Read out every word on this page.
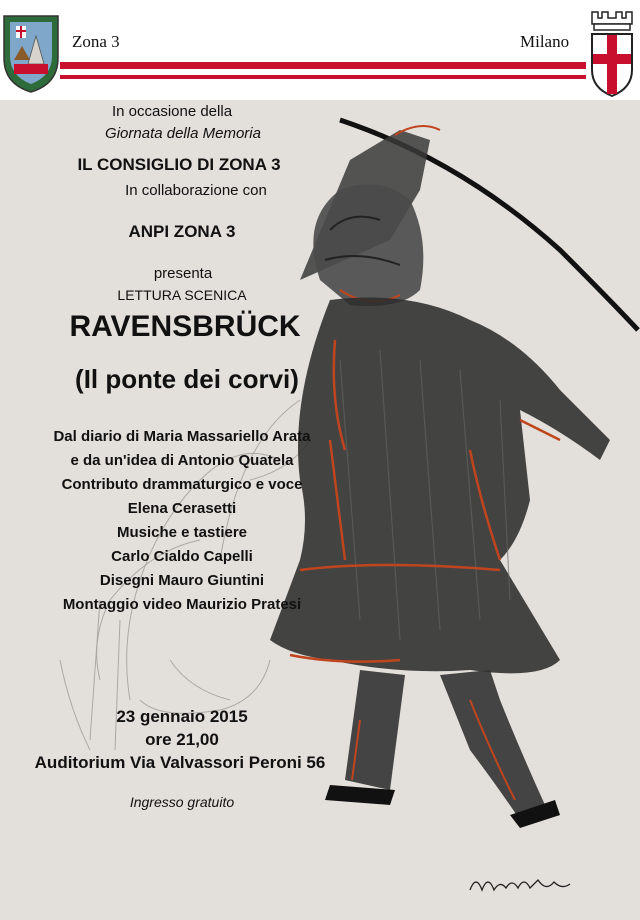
Zona 3	Milano
In occasione della
Giornata della Memoria
IL CONSIGLIO DI ZONA 3
In collaborazione con
ANPI ZONA 3
presenta
LETTURA SCENICA
RAVENSBRÜCK
(Il ponte dei corvi)
Dal diario di Maria Massariello Arata
e da un'idea di Antonio Quatela
Contributo drammaturgico e voce
Elena Cerasetti
Musiche e tastiere
Carlo Cialdo Capelli
Disegni Mauro Giuntini
Montaggio video Maurizio Pratesi
23 gennaio 2015
ore 21,00
Auditorium Via Valvassori Peroni 56
Ingresso gratuito
